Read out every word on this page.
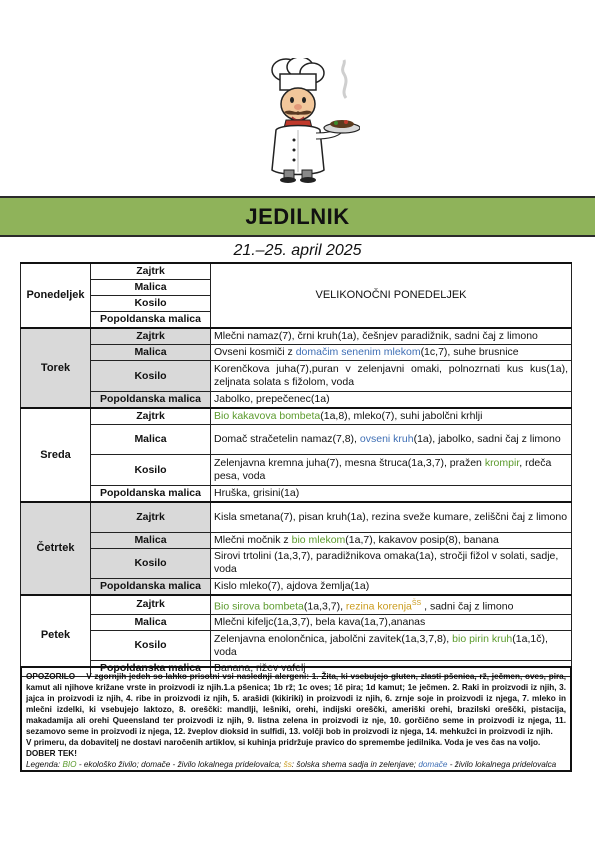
JEDILNIK
21.–25. april 2025
Ponedeljek	Zajtrk	VELIKONOČNI PONEDELJEK
	Malica	
	Kosilo	
	Popoldanska malica	
Torek	Zajtrk	Mlečni namaz(7), črni kruh(1a), češnjev paradižnik, sadni čaj z limono
	Malica	Ovseni kosmiči z domačim senenim mlekom(1c,7), suhe brusnice
	Kosilo	Korenčkova juha(7),puran v zelenjavni omaki, polnozrnati kus kus(1a), zeljnata solata s fižolom, voda
	Popoldanska malica	Jabolko, prepečenec(1a)
Sreda	Zajtrk	Bio kakavova bombeta(1a,8), mleko(7), suhi jabolčni krhlji
	Malica	Domač stračetelin namaz(7,8), ovseni kruh(1a), jabolko, sadni čaj z limono
	Kosilo	Zelenjavna kremna juha(7), mesna štruca(1a,3,7), pražen krompir, rdeča pesa, voda
	Popoldanska malica	Hruška, grisini(1a)
Četrtek	Zajtrk	Kisla smetana(7), pisan kruh(1a), rezina sveže kumare, zeliščni čaj z limono
	Malica	Mlečni močnik z bio mlekom(1a,7), kakavov posip(8), banana
	Kosilo	Sirovi trtolini (1a,3,7), paradižnikova omaka(1a), stročji fižol v solati, sadje, voda
	Popoldanska malica	Kislo mleko(7), ajdova žemlja(1a)
Petek	Zajtrk	Bio sirova bombeta(1a,3,7), rezina korenja$^{ŠS}$ , sadni čaj z limono
	Malica	Mlečni kifeljc(1a,3,7), bela kava(1a,7),ananas
	Kosilo	Zelenjavna enolončnica, jabolčni zavitek(1a,3,7,8), bio pirin kruh(1a,1č), voda
	Popoldanska malica	Banana, rižev vafelj
OPOZORILO V zgornjih jedeh so lahko prisotni vsi naslednji alergeni: 1. Žita, ki vsebujejo gluten, zlasti pšenica, rž, ječmen, oves, pira, kamut ali njihove križane vrste in proizvodi iz njih.1.a pšenica; 1b rž; 1c oves; 1č pira; 1d kamut; 1e ječmen. 2. Raki in proizvodi iz njih, 3. jajca in proizvodi iz njih, 4. ribe in proizvodi iz njih, 5. arašidi (kikiriki) in proizvodi iz njih, 6. zrnje soje in proizvodi iz njega, 7. mleko in mlečni izdelki, ki vsebujejo laktozo, 8. oreščki: mandlji, lešniki, orehi, indijski oreščki, ameriški orehi, brazilski oreščki, pistacija, makadamija ali orehi Queensland ter proizvodi iz njih, 9. listna zelena in proizvodi iz nje, 10. gorčično seme in proizvodi iz njega, 11. sezamovo seme in proizvodi iz njega, 12. žveplov dioksid in sulfidi, 13. volčji bob in proizvodi iz njega, 14. mehkužci in proizvodi iz njih.
V primeru, da dobavitelj ne dostavi naročenih artiklov, si kuhinja pridržuje pravico do spremembe jedilnika. Voda je ves čas na voljo.
DOBER TEK!
Legenda: BIO - ekološko živilo; domače - živilo lokalnega pridelovalca; šs: šolska shema sadja in zelenjave; domače - živilo lokalnega pridelovalca
